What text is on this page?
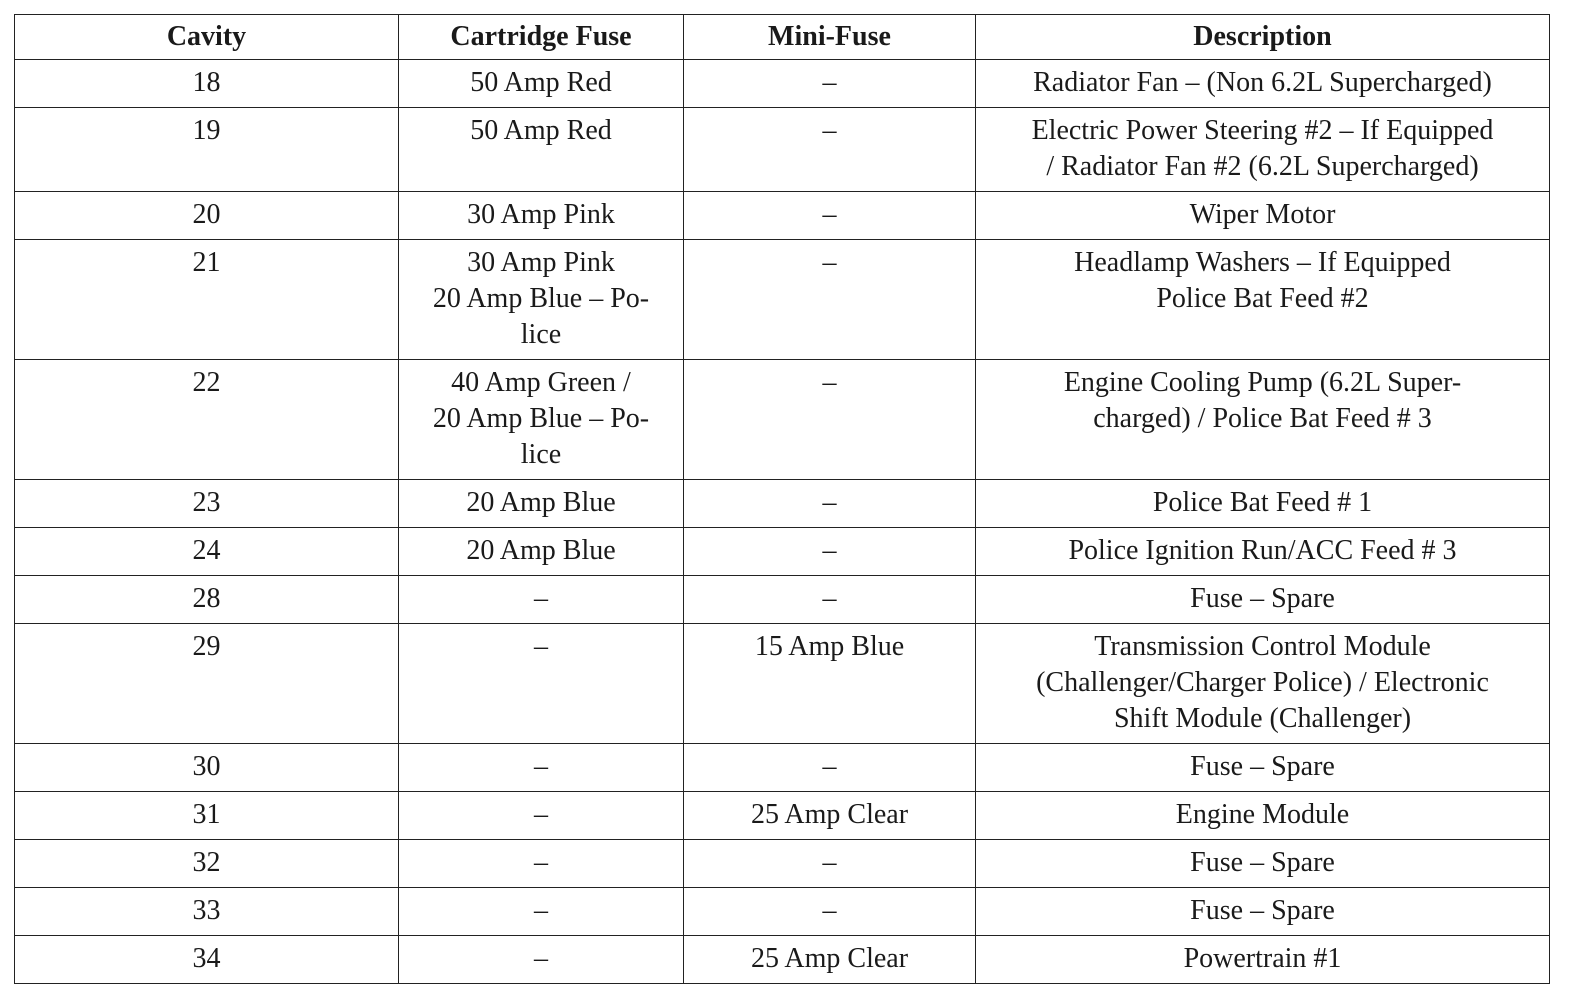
Cavity	Cartridge Fuse	Mini-Fuse	Description
18	50 Amp Red	–	Radiator Fan – (Non 6.2L Supercharged)

19	50 Amp Red	–	Electric Power Steering #2 – If Equipped
/ Radiator Fan #2 (6.2L Supercharged)

20	30 Amp Pink	–	Wiper Motor

21	30 Amp Pink
20 Amp Blue – Po-
lice	–	Headlamp Washers – If Equipped
Police Bat Feed #2

22	40 Amp Green /
20 Amp Blue – Po-
lice	–	Engine Cooling Pump (6.2L Super-
charged) / Police Bat Feed # 3

23	20 Amp Blue	–	Police Bat Feed # 1

24	20 Amp Blue	–	Police Ignition Run/ACC Feed # 3

28	–	–	Fuse – Spare

29	–	15 Amp Blue	Transmission Control Module
(Challenger/Charger Police) / Electronic
Shift Module (Challenger)

30	–	–	Fuse – Spare

31	–	25 Amp Clear	Engine Module

32	–	–	Fuse – Spare

33	–	–	Fuse – Spare

34	–	25 Amp Clear	Powertrain #1
